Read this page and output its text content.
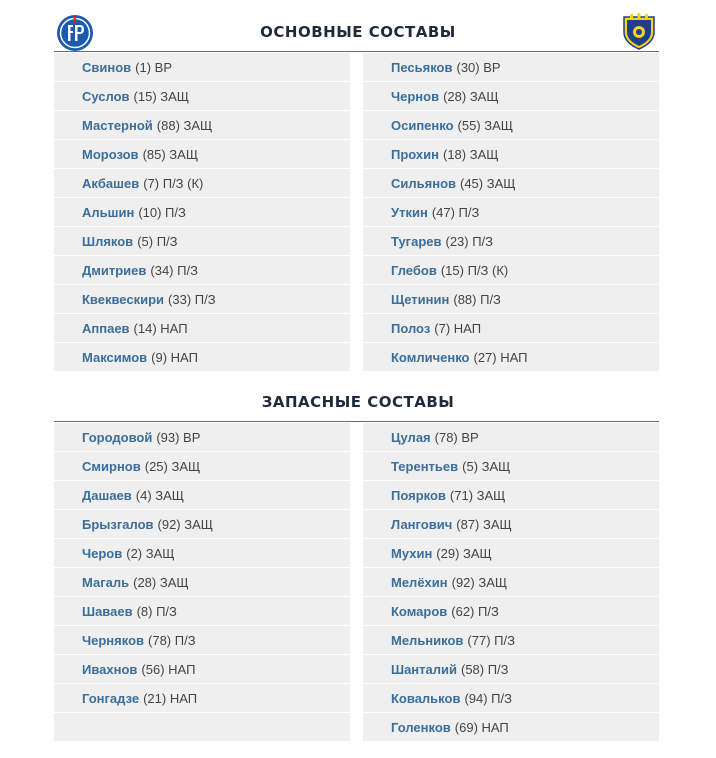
ОСНОВНЫЕ СОСТАВЫ
Свинов (1) ВР
Суслов (15) ЗАЩ
Мастерной (88) ЗАЩ
Морозов (85) ЗАЩ
Акбашев (7) П/З (К)
Альшин (10) П/З
Шляков (5) П/З
Дмитриев (34) П/З
Квеквескири (33) П/З
Аппаев (14) НАП
Максимов (9) НАП
Песьяков (30) ВР
Чернов (28) ЗАЩ
Осипенко (55) ЗАЩ
Прохин (18) ЗАЩ
Сильянов (45) ЗАЩ
Уткин (47) П/З
Тугарев (23) П/З
Глебов (15) П/З (К)
Щетинин (88) П/З
Полоз (7) НАП
Комличенко (27) НАП
ЗАПАСНЫЕ СОСТАВЫ
Городовой (93) ВР
Смирнов (25) ЗАЩ
Дашаев (4) ЗАЩ
Брызгалов (92) ЗАЩ
Черов (2) ЗАЩ
Магаль (28) ЗАЩ
Шаваев (8) П/З
Черняков (78) П/З
Ивахнов (56) НАП
Гонгадзе (21) НАП
Цулая (78) ВР
Терентьев (5) ЗАЩ
Поярков (71) ЗАЩ
Лангович (87) ЗАЩ
Мухин (29) ЗАЩ
Мелёхин (92) ЗАЩ
Комаров (62) П/З
Мельников (77) П/З
Шанталий (58) П/З
Ковальков (94) П/З
Голенков (69) НАП
